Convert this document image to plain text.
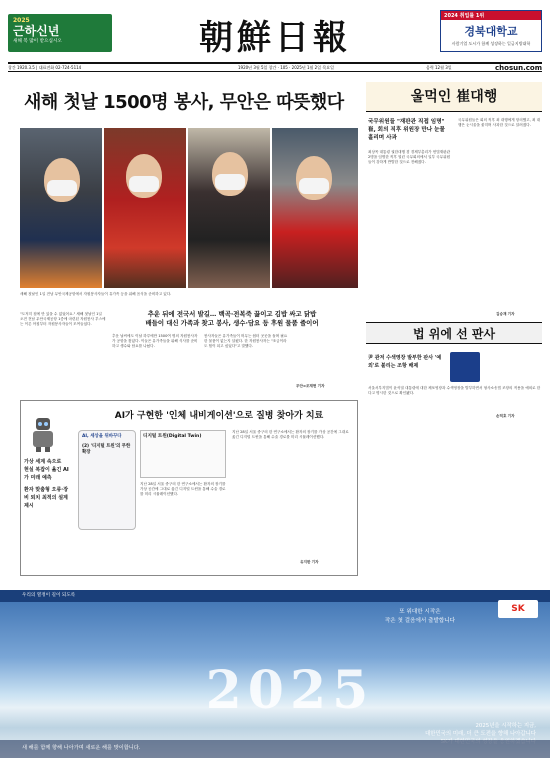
2025
근하신년
새해 복 많이 받으십시오	朝鮮日報
2024 취업률 1위
경북대학교
사람기업 도시가 함께 성장하는 일급지방대학
창간 1920.3.5 | 대표전화 02-724-5114	1920년 3월 5일 창간 · 105 · 2025년 1월 2일 목요일	음력 12월 3일	chosun.com
새해 첫날 1500명 봉사, 무안은 따뜻했다
새해 첫날인 1일 전남 무안국제공항에서 자원봉사자들이 유가족 등을 위해 음식을 준비하고 있다.
추운 뒤에 전국서 발길… 백곡·전복죽 끓이고 김밥 싸고 닭밥
배들이 대신 가족과 찾고 봉사, 생수·담요 등 후원 물품 줄이어
"도저히 집에 만 있을 수 없었어요." 새해 첫날인 1일 오전 전남 무안국제공항 1층에 마련된 자원봉사 부스에는 이른 아침부터 자원봉사자들이 모여들었다.
추운 날씨에도 이날 하루에만 1500여 명의 자원봉사자가 공항을 찾았다. 이들은 유가족들을 위해 식사를 준비하고 생수와 담요를 나눴다.
봉사자들은 유가족들이 머무는 쉼터 곳곳을 돌며 필요한 물품이 없는지 살폈다. 한 자원봉사자는 "조금이라도 힘이 되고 싶었다"고 말했다.
무안=조재현 기자
울먹인 崔대행
국무위원들 "재판관 직접 임명" 崔, 회의 직후 위원장 만나 눈물 흘리며 사과
최상목 대통령 권한대행 겸 경제부총리가 헌법재판관 2명을 임명한 직후 열린 국무회의에서 일부 국무위원들이 강하게 반발한 것으로 전해졌다.
국무위원들은 회의 직후 최 대행에게 항의했고, 최 대행은 눈시울을 붉히며 사과한 것으로 알려졌다.
김승재 기자
법 위에 선 판사
尹 관저 수색영장 발부한 판사 '예외'로 불리는 조항 배제
서울서부지법이 윤석열 대통령에 대한 체포영장과 수색영장을 발부하면서 형사소송법 조항의 적용을 예외로 한다고 명시한 것으로 확인됐다.
손덕호 기자
AI가 구현한 '인체 내비게이션'으로 질병 찾아가 치료
가상 세계 속으로
현실 복잡이 옮긴 AI가 미래 예측
환자 맞춤형 오류·장비 퇴치 최적의 설계 제시
AI, 세상을 뒤바꾸다
(2) '디지털 트윈'의 무한 확장
디지털 트윈(Digital Twin)
지난 28일 서울 중구의 한 연구소에서는 환자의 장기를 가상 공간에 그대로 옮긴 디지털 트윈을 통해 수술 경로를 미리 시뮬레이션했다.
지난 28일 서울 중구의 한 연구소에서는 환자의 장기를 가상 공간에 그대로 옮긴 디지털 트윈을 통해 수술 경로를 미리 시뮬레이션했다.
유지한 기자
우리의 열정이 길이 되도록
SK
또 위대한 시작은
작은 첫 걸음에서 출발합니다
2025
2025년을 시작하는 지금,
대한민국의 미래, 더 큰 도전을 향해 나아갑니다
새 해를 함께 향해 나아가며 새로운 해를 맞이합니다.
